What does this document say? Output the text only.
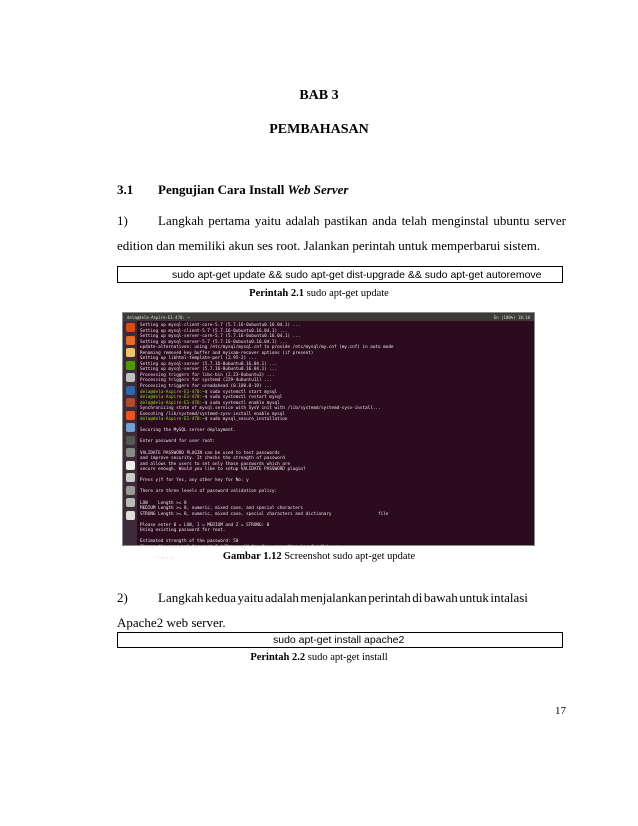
BAB 3
PEMBAHASAN
3.1 Pengujian Cara Install Web Server
1) Langkah pertama yaitu adalah pastikan anda telah menginstal ubuntu server
edition dan memiliki akun ses root. Jalankan perintah untuk memperbarui sistem.
sudo apt-get update && sudo apt-get dist-upgrade && sudo apt-get autoremove
Perintah 2.1 sudo apt-get update
dela@dela-Aspire-E1-470: ~	En (100%) 18:10
Setting up mysql-client-core-5.7 (5.7.16-0ubuntu0.16.04.1) ...
Setting up mysql-client-5.7 (5.7.16-0ubuntu0.16.04.1) ...
Setting up mysql-server-core-5.7 (5.7.16-0ubuntu0.16.04.1) ...
Setting up mysql-server-5.7 (5.7.16-0ubuntu0.16.04.1) ...
update-alternatives: using /etc/mysql/mysql.cnf to provide /etc/mysql/my.cnf (my.cnf) in auto mode
Renaming removed key_buffer and myisam-recover options (if present)
Setting up libhtml-template-perl (2.95-2) ...
Setting up mysql-server (5.7.16-0ubuntu0.16.04.1) ...
Setting up mysql-server (5.7.16-0ubuntu0.16.04.1) ...
Processing triggers for libc-bin (2.23-0ubuntu3) ...
Processing triggers for systemd (229-4ubuntu11) ...
Processing triggers for ureadahead (0.100.0-19) ...
dela@dela-Aspire-E1-470:~$ sudo systemctl start mysql
dela@dela-Aspire-E1-470:~$ sudo systemctl restart mysql
dela@dela-Aspire-E1-470:~$ sudo systemctl enable mysql
Synchronizing state of mysql.service with SysV init with /lib/systemd/systemd-sysv-install...
Executing /lib/systemd/systemd-sysv-install enable mysql
dela@dela-Aspire-E1-470:~$ sudo mysql_secure_installation

Securing the MySQL server deployment.

Enter password for user root:

VALIDATE PASSWORD PLUGIN can be used to test passwords
and improve security. It checks the strength of password
and allows the users to set only those passwords which are
secure enough. Would you like to setup VALIDATE PASSWORD plugin?

Press y|Y for Yes, any other key for No: y

There are three levels of password validation policy:

LOW    Length >= 8
MEDIUM Length >= 8, numeric, mixed case, and special characters
STRONG Length >= 8, numeric, mixed case, special characters and dictionary                  file

Please enter 0 = LOW, 1 = MEDIUM and 2 = STRONG: 0
Using existing password for root.

Estimated strength of the password: 50
Change the password for root ? ((Press y|Y for Yes, any other key for No) : n

... skipping.	Gambar 1.12 Screenshot sudo apt-get update
2) Langkah kedua yaitu adalah menjalankan perintah di bawah untuk intalasi
Apache2 web server.
sudo apt-get install apache2
Perintah 2.2 sudo apt-get install
17
